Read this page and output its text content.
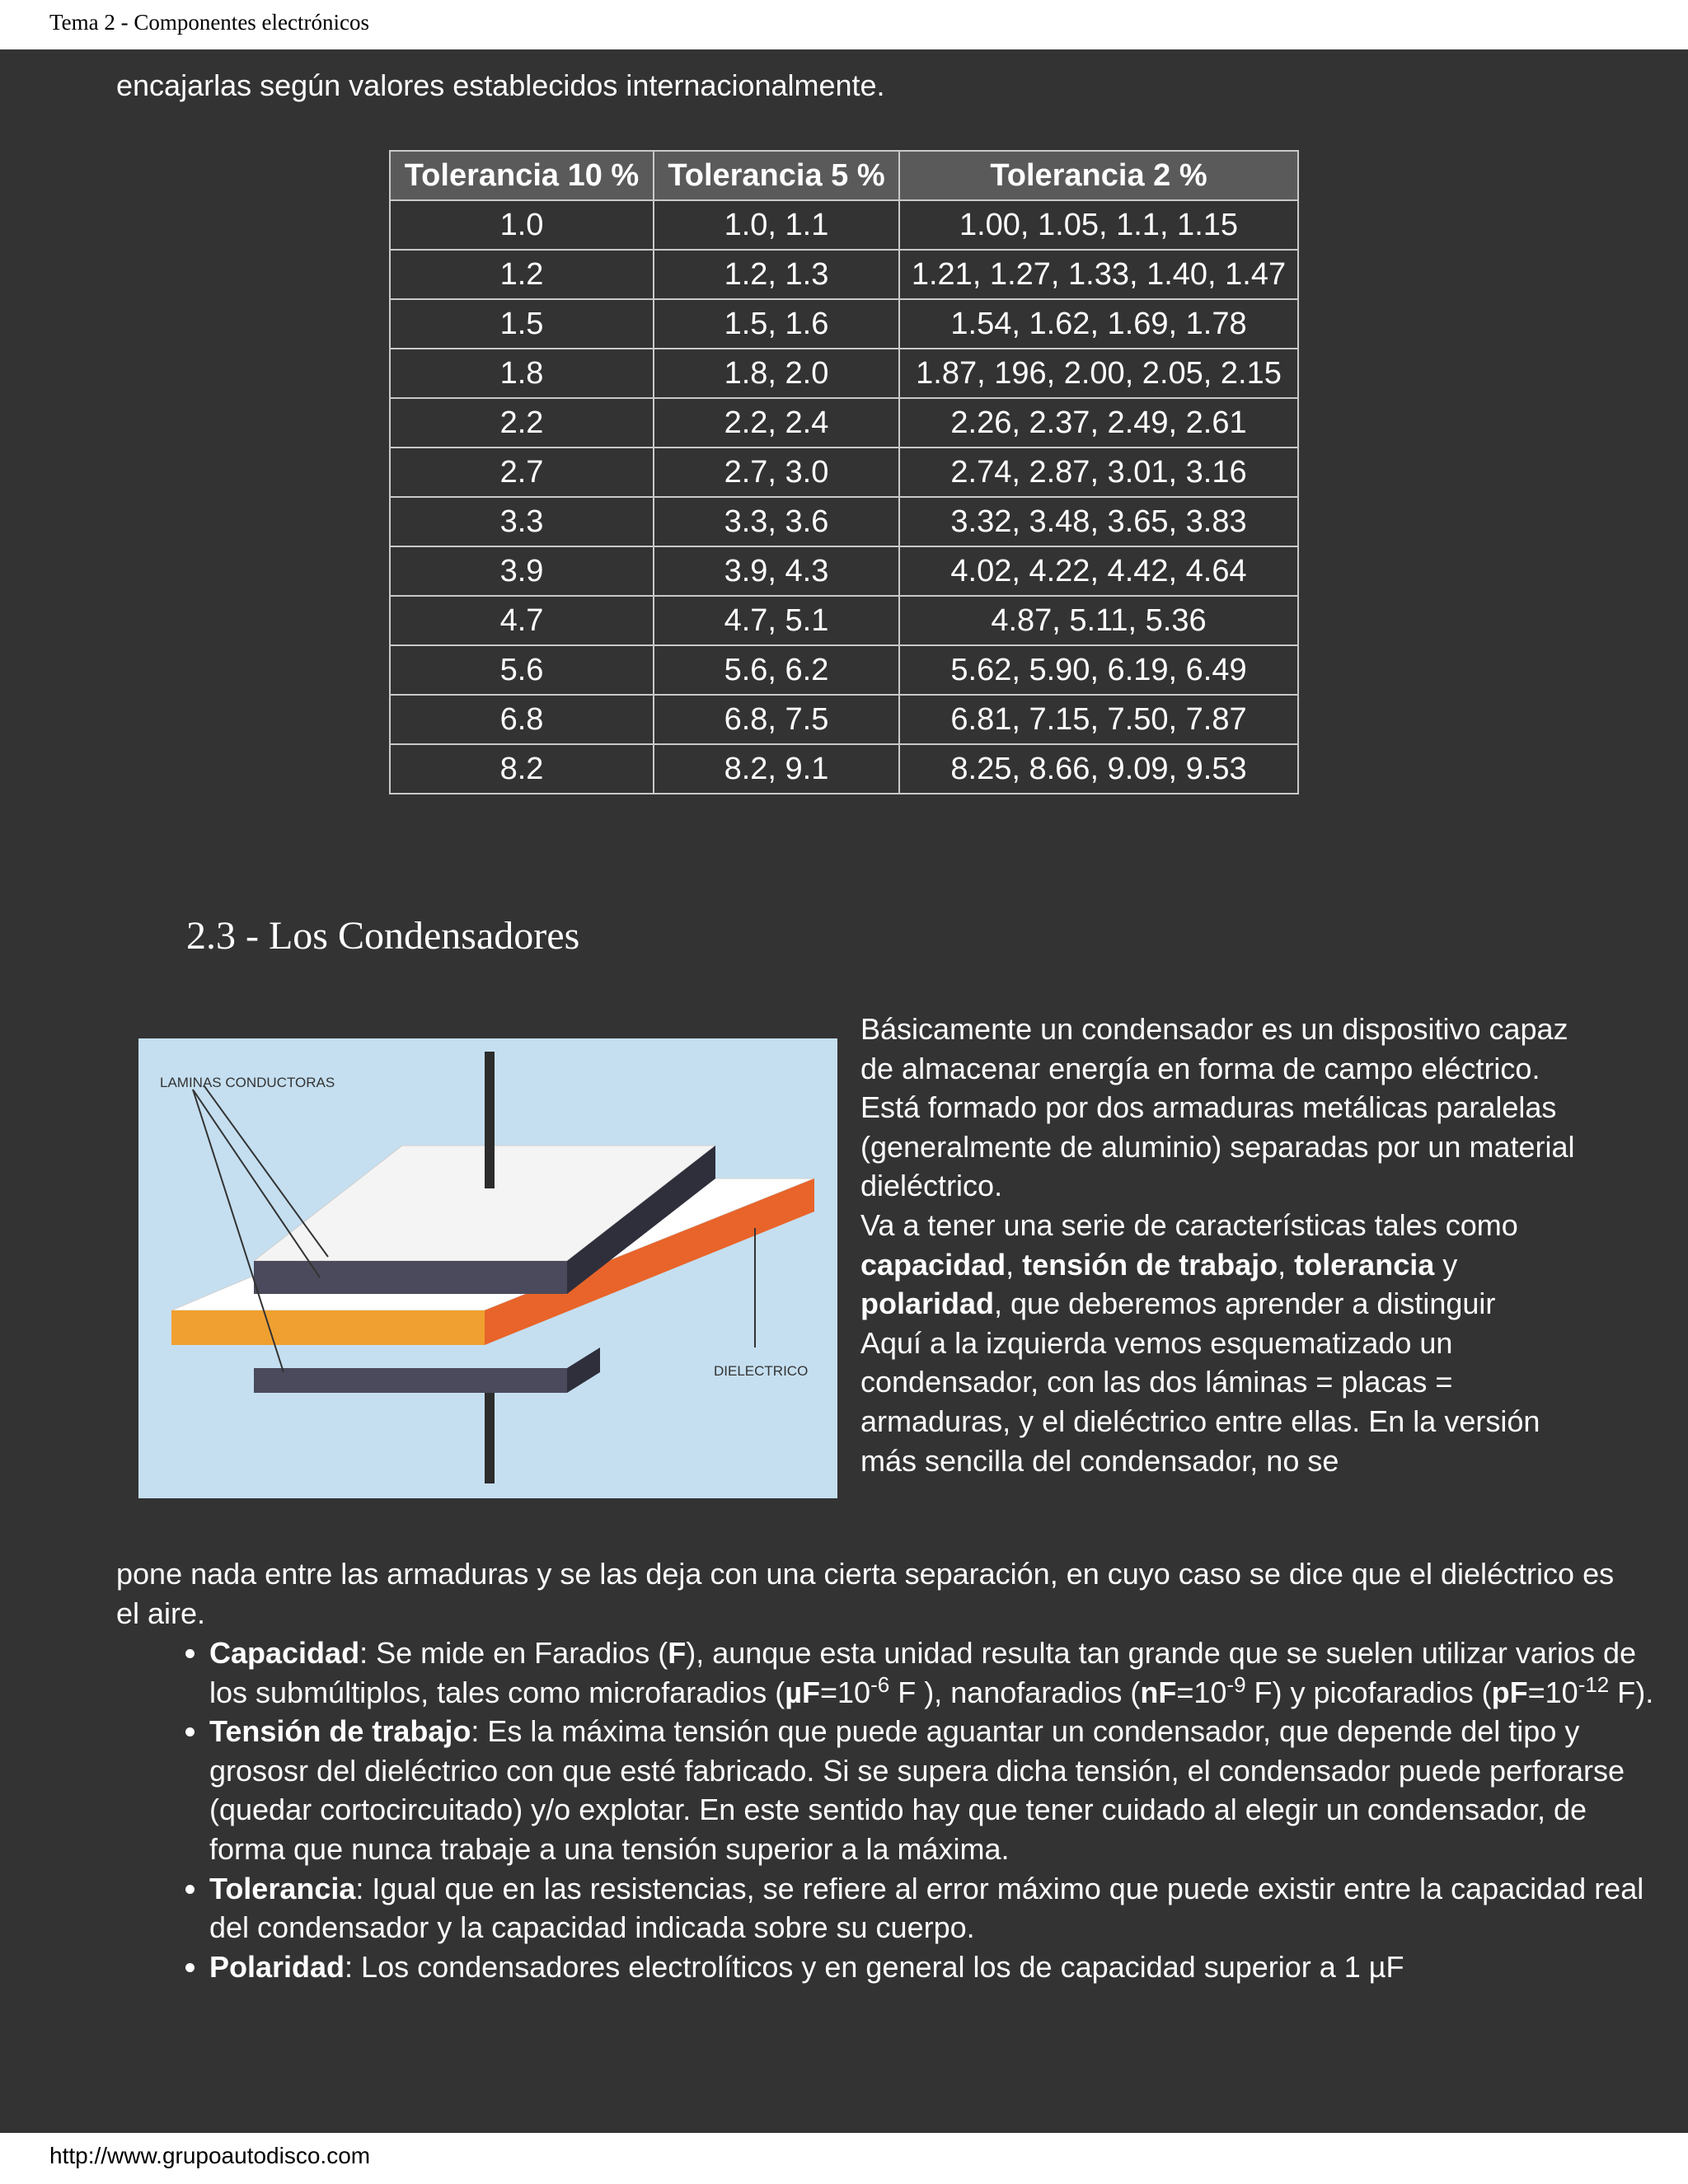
Tema 2 - Componentes electrónicos
encajarlas según valores establecidos internacionalmente.
Tolerancia 10 %	Tolerancia 5 %	Tolerancia 2 %
1.0	1.0, 1.1	1.00, 1.05, 1.1, 1.15
1.2	1.2, 1.3	1.21, 1.27, 1.33, 1.40, 1.47
1.5	1.5, 1.6	1.54, 1.62, 1.69, 1.78
1.8	1.8, 2.0	1.87, 196, 2.00, 2.05, 2.15
2.2	2.2, 2.4	2.26, 2.37, 2.49, 2.61
2.7	2.7, 3.0	2.74, 2.87, 3.01, 3.16
3.3	3.3, 3.6	3.32, 3.48, 3.65, 3.83
3.9	3.9, 4.3	4.02, 4.22, 4.42, 4.64
4.7	4.7, 5.1	4.87, 5.11, 5.36
5.6	5.6, 6.2	5.62, 5.90, 6.19, 6.49
6.8	6.8, 7.5	6.81, 7.15, 7.50, 7.87
8.2	8.2, 9.1	8.25, 8.66, 9.09, 9.53
2.3 - Los Condensadores
LAMINAS CONDUCTORAS
DIELECTRICO

Básicamente un condensador es un dispositivo capaz de almacenar energía en forma de campo eléctrico. Está formado por dos armaduras metálicas paralelas (generalmente de aluminio) separadas por un material dieléctrico.

Va a tener una serie de características tales como capacidad, tensión de trabajo, tolerancia y polaridad, que deberemos aprender a distinguir

Aquí a la izquierda vemos esquematizado un condensador, con las dos láminas = placas = armaduras, y el dieléctrico entre ellas. En la versión más sencilla del condensador, no se

pone nada entre las armaduras y se las deja con una cierta separación, en cuyo caso se dice que el dieléctrico es el aire.
• Capacidad: Se mide en Faradios (F), aunque esta unidad resulta tan grande que se suelen utilizar varios de los submúltiplos, tales como microfaradios ($\mu F=10^{-6}$ F ), nanofaradios ($nF=10^{-9}$ F) y picofaradios ($pF=10^{-12}$ F).
• Tensión de trabajo: Es la máxima tensión que puede aguantar un condensador, que depende del tipo y grososr del dieléctrico con que esté fabricado. Si se supera dicha tensión, el condensador puede perforarse (quedar cortocircuitado) y/o explotar. En este sentido hay que tener cuidado al elegir un condensador, de forma que nunca trabaje a una tensión superior a la máxima.
• Tolerancia: Igual que en las resistencias, se refiere al error máximo que puede existir entre la capacidad real del condensador y la capacidad indicada sobre su cuerpo.
• Polaridad: Los condensadores electrolíticos y en general los de capacidad superior a 1 µF
http://www.grupoautodisco.com
